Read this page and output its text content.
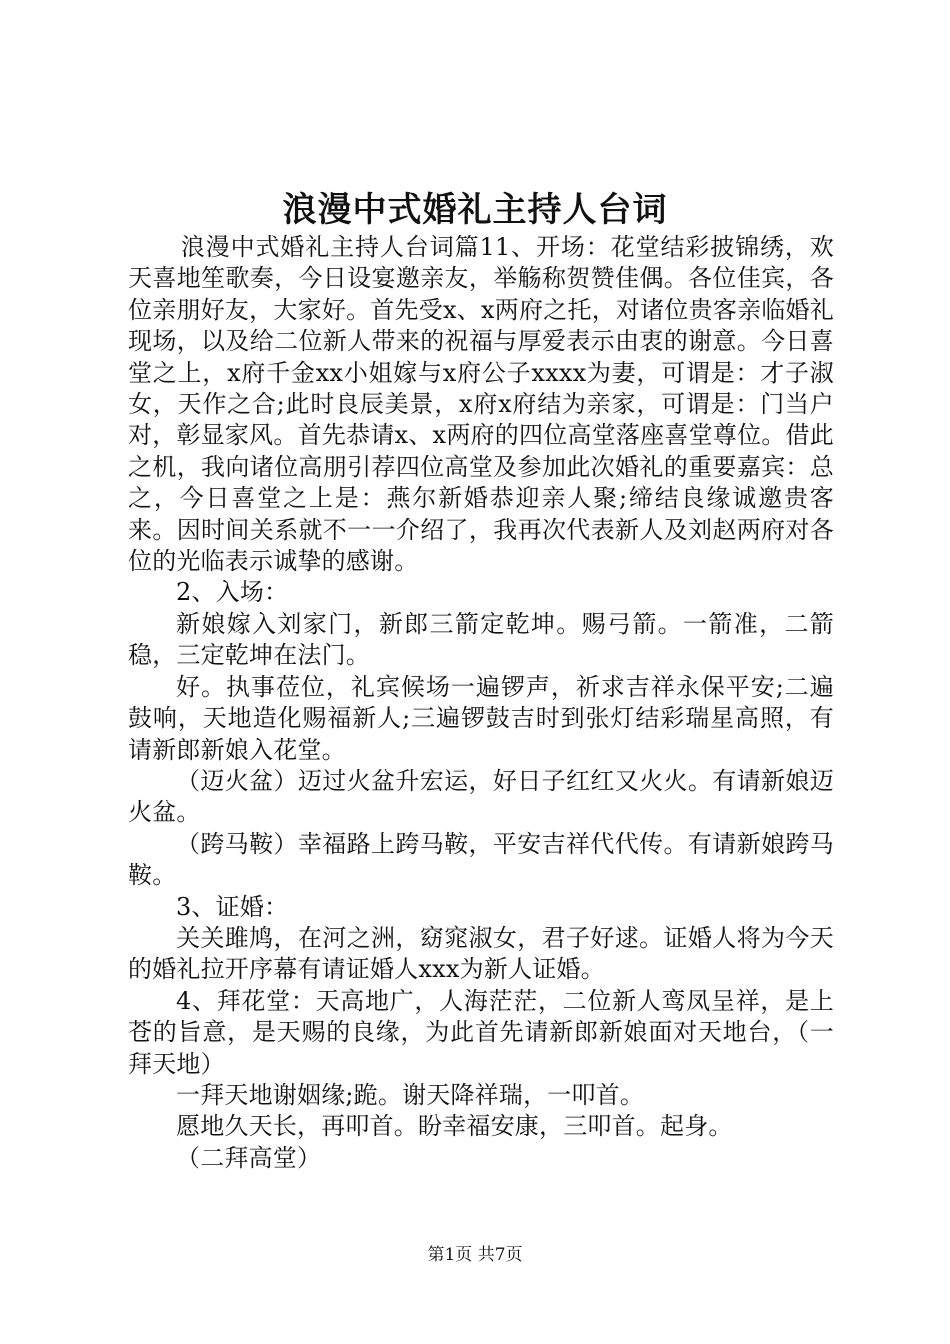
浪漫中式婚礼主持人台词

浪漫中式婚礼主持人台词篇11、开场：花堂结彩披锦绣，欢天喜地笙歌奏，今日设宴邀亲友，举觞称贺赞佳偶。各位佳宾，各位亲朋好友，大家好。首先受x、x两府之托，对诸位贵客亲临婚礼现场，以及给二位新人带来的祝福与厚爱表示由衷的谢意。今日喜堂之上，x府千金xx小姐嫁与x府公子xxxx为妻，可谓是：才子淑女，天作之合;此时良辰美景，x府x府结为亲家，可谓是：门当户对，彰显家风。首先恭请x、x两府的四位高堂落座喜堂尊位。借此之机，我向诸位高朋引荐四位高堂及参加此次婚礼的重要嘉宾：总之，今日喜堂之上是：燕尔新婚恭迎亲人聚;缔结良缘诚邀贵客来。因时间关系就不一一介绍了，我再次代表新人及刘赵两府对各位的光临表示诚挚的感谢。

2、入场：

新娘嫁入刘家门，新郎三箭定乾坤。赐弓箭。一箭准，二箭稳，三定乾坤在法门。

好。执事莅位，礼宾候场一遍锣声，祈求吉祥永保平安;二遍鼓响，天地造化赐福新人;三遍锣鼓吉时到张灯结彩瑞星高照，有请新郎新娘入花堂。

（迈火盆）迈过火盆升宏运，好日子红红又火火。有请新娘迈火盆。

（跨马鞍）幸福路上跨马鞍，平安吉祥代代传。有请新娘跨马鞍。

3、证婚：

关关雎鸠，在河之洲，窈窕淑女，君子好逑。证婚人将为今天的婚礼拉开序幕有请证婚人xxx为新人证婚。

4、拜花堂：天高地广，人海茫茫，二位新人鸾凤呈祥，是上苍的旨意，是天赐的良缘，为此首先请新郎新娘面对天地台，（一拜天地）

一拜天地谢姻缘;跪。谢天降祥瑞，一叩首。

愿地久天长，再叩首。盼幸福安康，三叩首。起身。

（二拜高堂）

第1页 共7页
